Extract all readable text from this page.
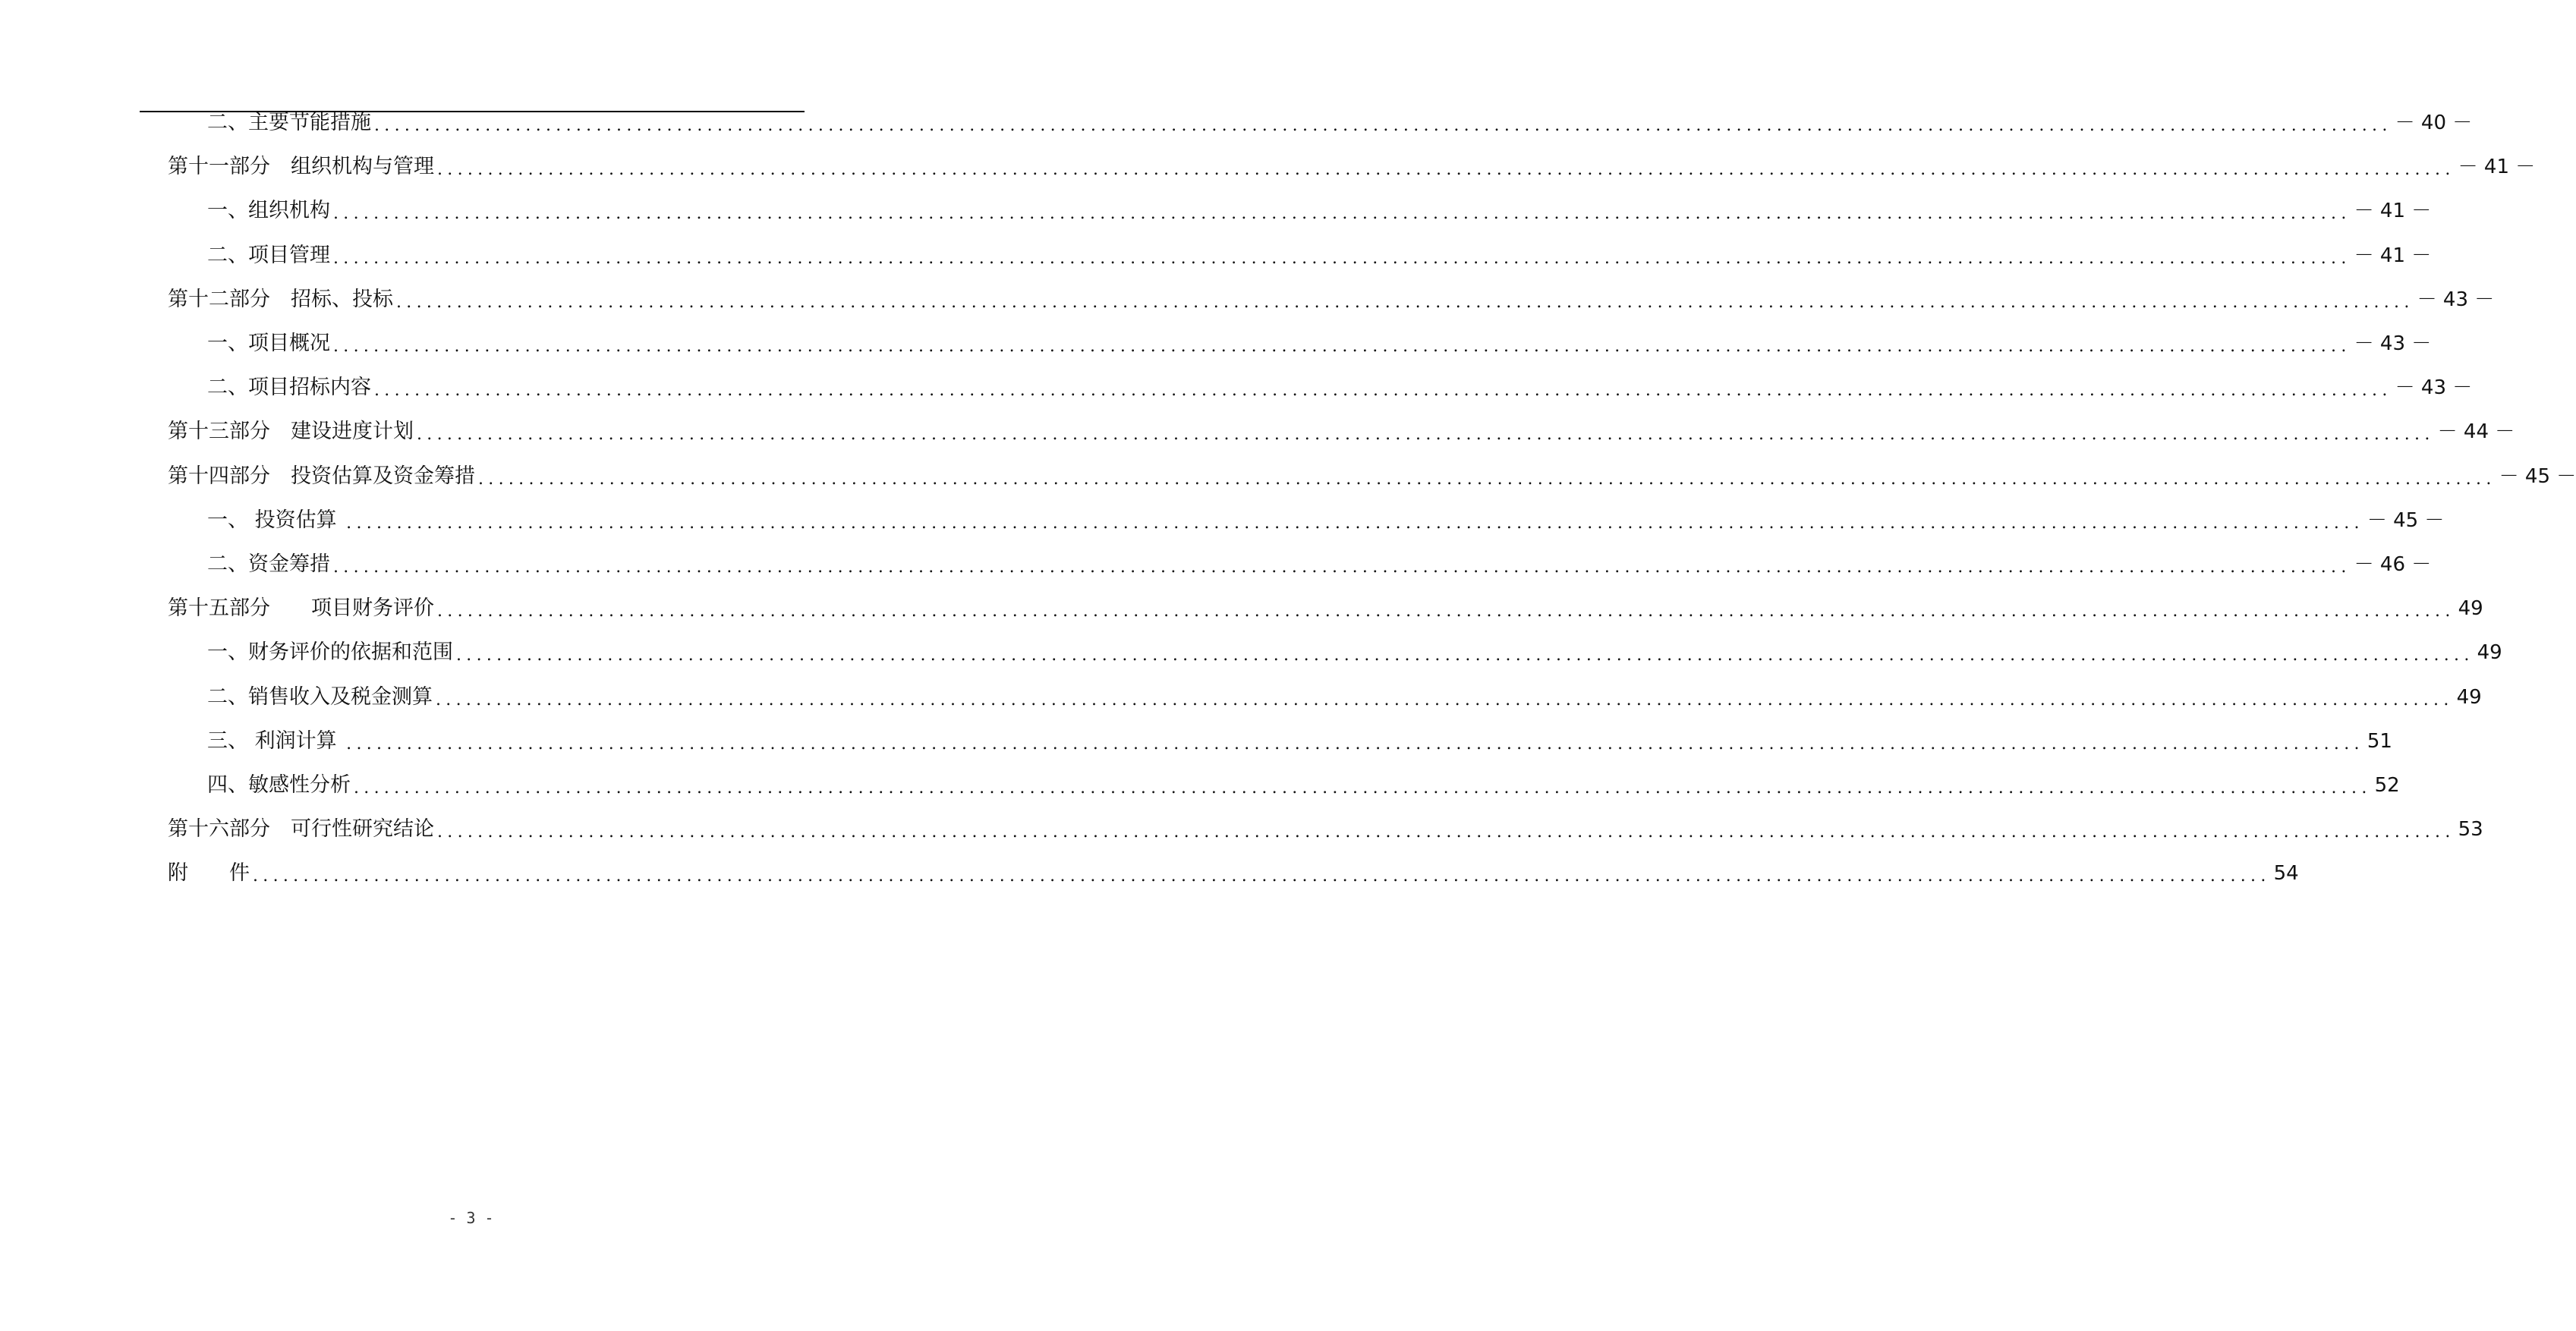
二、主要节能措施 ........................................................................................................................................................................................................ － 40 －
第十一部分　组织机构与管理 ........................................................................................................................................................................................................ － 41 －
一、组织机构 ........................................................................................................................................................................................................ － 41 －
二、项目管理 ........................................................................................................................................................................................................ － 41 －
第十二部分　招标、投标 ........................................................................................................................................................................................................ － 43 －
一、项目概况 ........................................................................................................................................................................................................ － 43 －
二、项目招标内容 ........................................................................................................................................................................................................ － 43 －
第十三部分　建设进度计划 ........................................................................................................................................................................................................ － 44 －
第十四部分　投资估算及资金筹措 ........................................................................................................................................................................................................ － 45 －
一、 投资估算 ........................................................................................................................................................................................................ － 45 －
二、资金筹措 ........................................................................................................................................................................................................ － 46 －
第十五部分　　项目财务评价 ........................................................................................................................................................................................................ 49
一、财务评价的依据和范围 ........................................................................................................................................................................................................ 49
二、销售收入及税金测算 ........................................................................................................................................................................................................ 49
三、 利润计算 ........................................................................................................................................................................................................ 51
四、敏感性分析 ........................................................................................................................................................................................................ 52
第十六部分　可行性研究结论 ........................................................................................................................................................................................................ 53
附　　件 ........................................................................................................................................................................................................ 54
- 3 -
